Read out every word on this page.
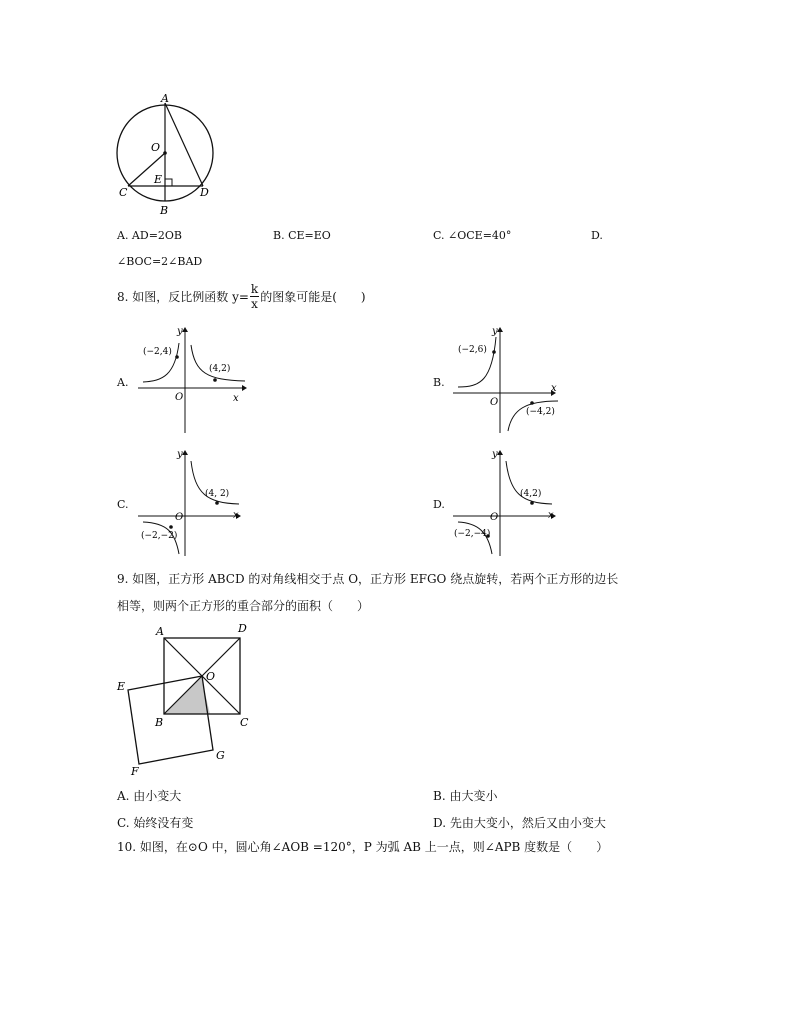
A
O
E
C	D
B
A. AD=2OB	B. CE=EO	C. ∠OCE=40°	D.
∠BOC=2∠BAD
8. 如图，反比例函数 $y= \frac{k}{x}$ 的图象可能是(　　)
A.
y
x
O
(−2,4)
(4,2)
B.
y
x
O
(−2,6)
(−4,2)
C.
y
x
O
(4, 2)
(−2,−2)
D.
y
x
O
(4,2)
(−2,−4)
9. 如图，正方形 ABCD 的对角线相交于点 O，正方形 EFGO 绕点旋转，若两个正方形的边长
相等，则两个正方形的重合部分的面积（　　）
A	D
E
O
B	C
F
G
A. 由小变大	B. 由大变小
C. 始终没有变	D. 先由大变小，然后又由小变大
10. 如图，在⊙O 中，圆心角∠AOB =120°，P 为弧 AB 上一点，则∠APB 度数是（　　）
